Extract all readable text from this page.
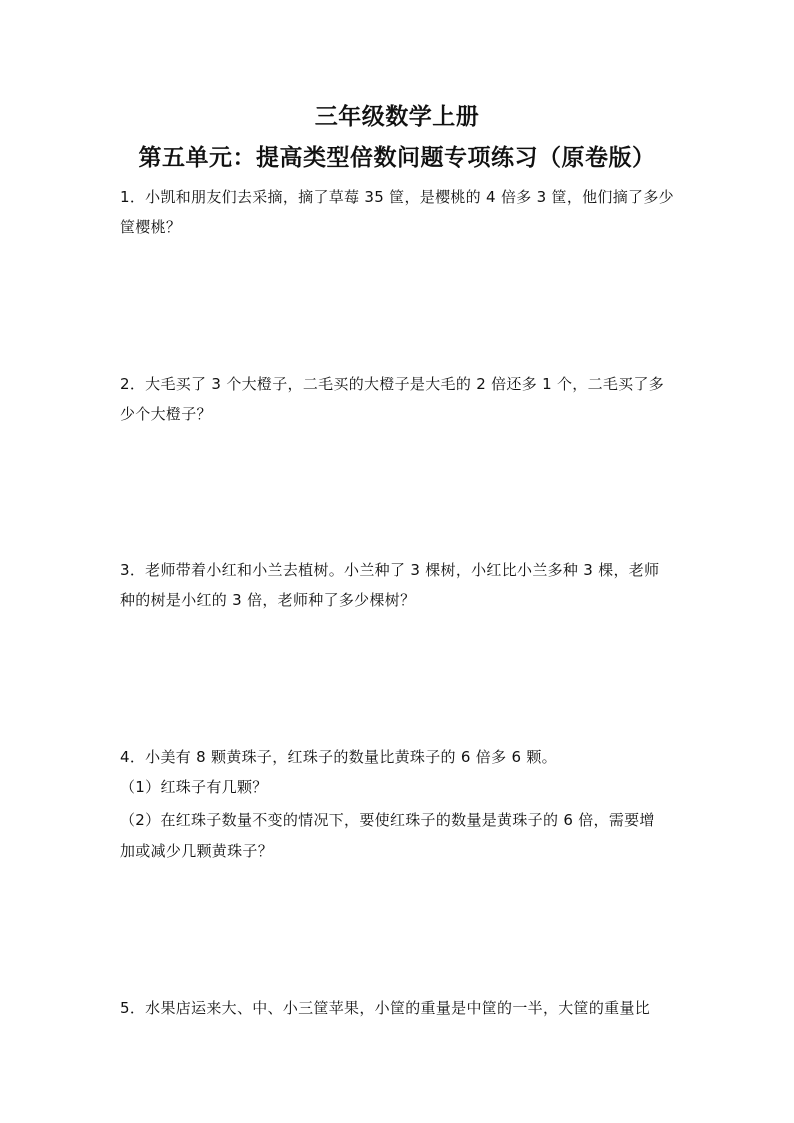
三年级数学上册
第五单元：提高类型倍数问题专项练习（原卷版）

1．小凯和朋友们去采摘，摘了草莓 35 筐，是樱桃的 4 倍多 3 筐，他们摘了多少

筐樱桃？

2．大毛买了 3 个大橙子，二毛买的大橙子是大毛的 2 倍还多 1 个，二毛买了多

少个大橙子？

3．老师带着小红和小兰去植树。小兰种了 3 棵树，小红比小兰多种 3 棵，老师

种的树是小红的 3 倍，老师种了多少棵树？

4．小美有 8 颗黄珠子，红珠子的数量比黄珠子的 6 倍多 6 颗。

（1）红珠子有几颗？

（2）在红珠子数量不变的情况下，要使红珠子的数量是黄珠子的 6 倍，需要增

加或减少几颗黄珠子？

5．水果店运来大、中、小三筐苹果，小筐的重量是中筐的一半，大筐的重量比
